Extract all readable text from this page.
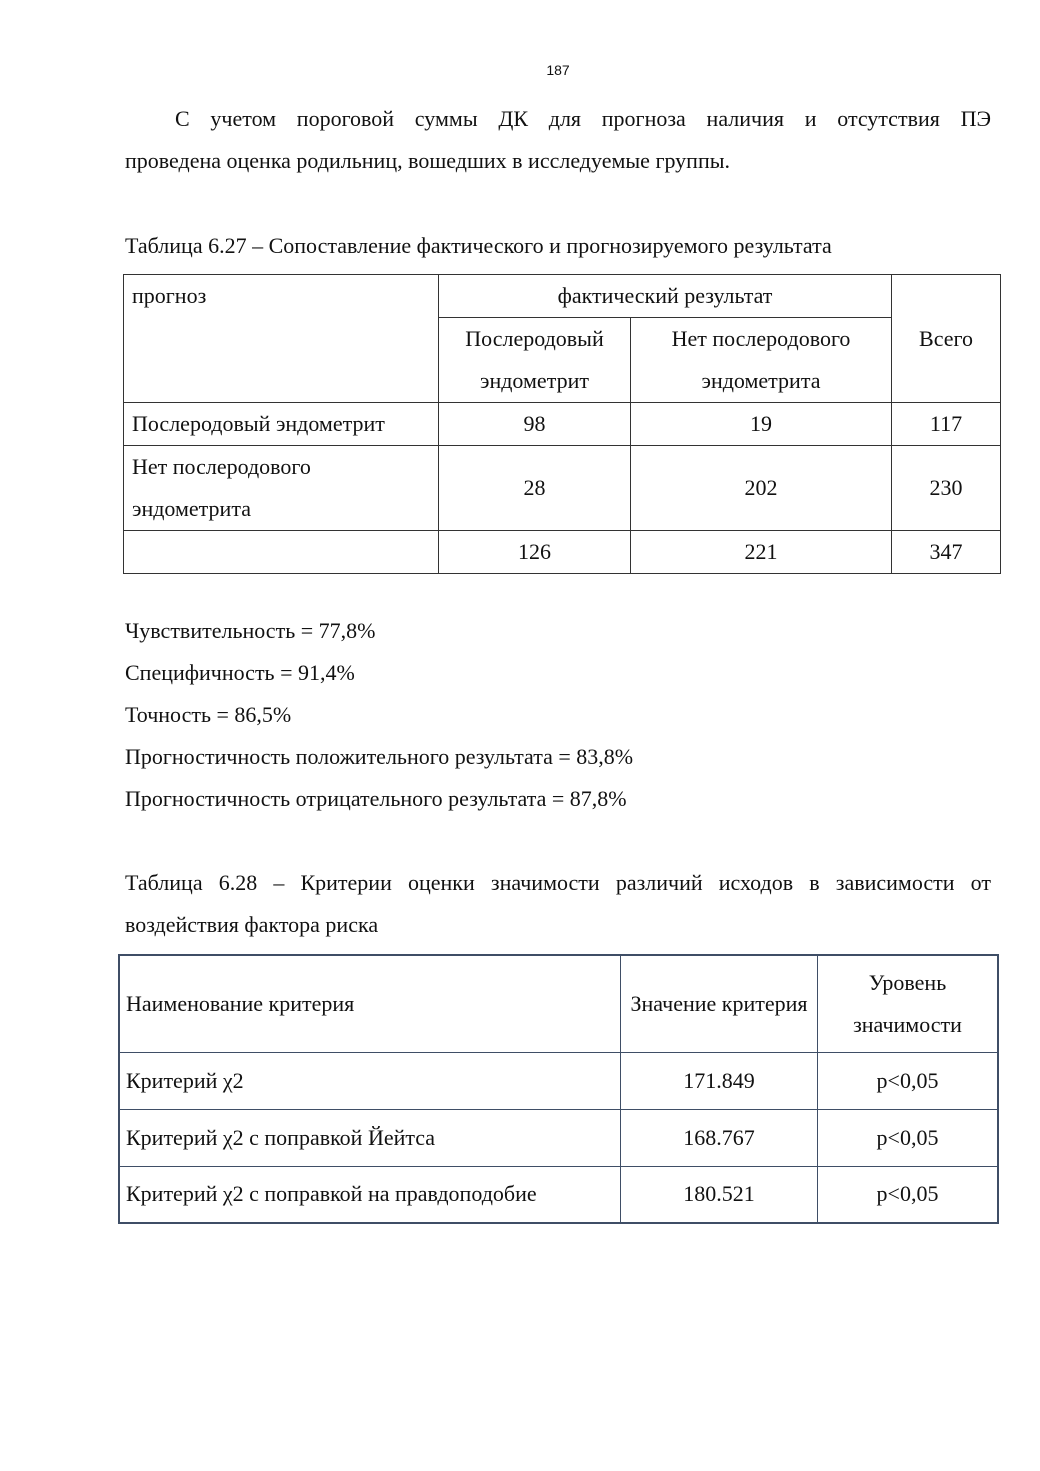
187
С учетом пороговой суммы ДК для прогноза наличия и отсутствия ПЭ
проведена оценка родильниц, вошедших в исследуемые группы.
Таблица 6.27 – Сопоставление фактического и прогнозируемого результата
прогноз	фактический результат		Всего
	Послеродовый эндометрит	Нет послеродового эндометрита	
Послеродовый эндометрит	98	19	117
Нет послеродового эндометрита	28	202	230
	126	221	347
Чувствительность = 77,8%
Специфичность = 91,4%
Точность = 86,5%
Прогностичность положительного результата = 83,8%
Прогностичность отрицательного результата = 87,8%
Таблица 6.28 – Критерии оценки значимости различий исходов в зависимости от
воздействия фактора риска
Наименование критерия	Значение критерия	Уровень значимости
Критерий χ2	171.849	p<0,05
Критерий χ2 с поправкой Йейтса	168.767	p<0,05
Критерий χ2 с поправкой на правдоподобие	180.521	p<0,05
